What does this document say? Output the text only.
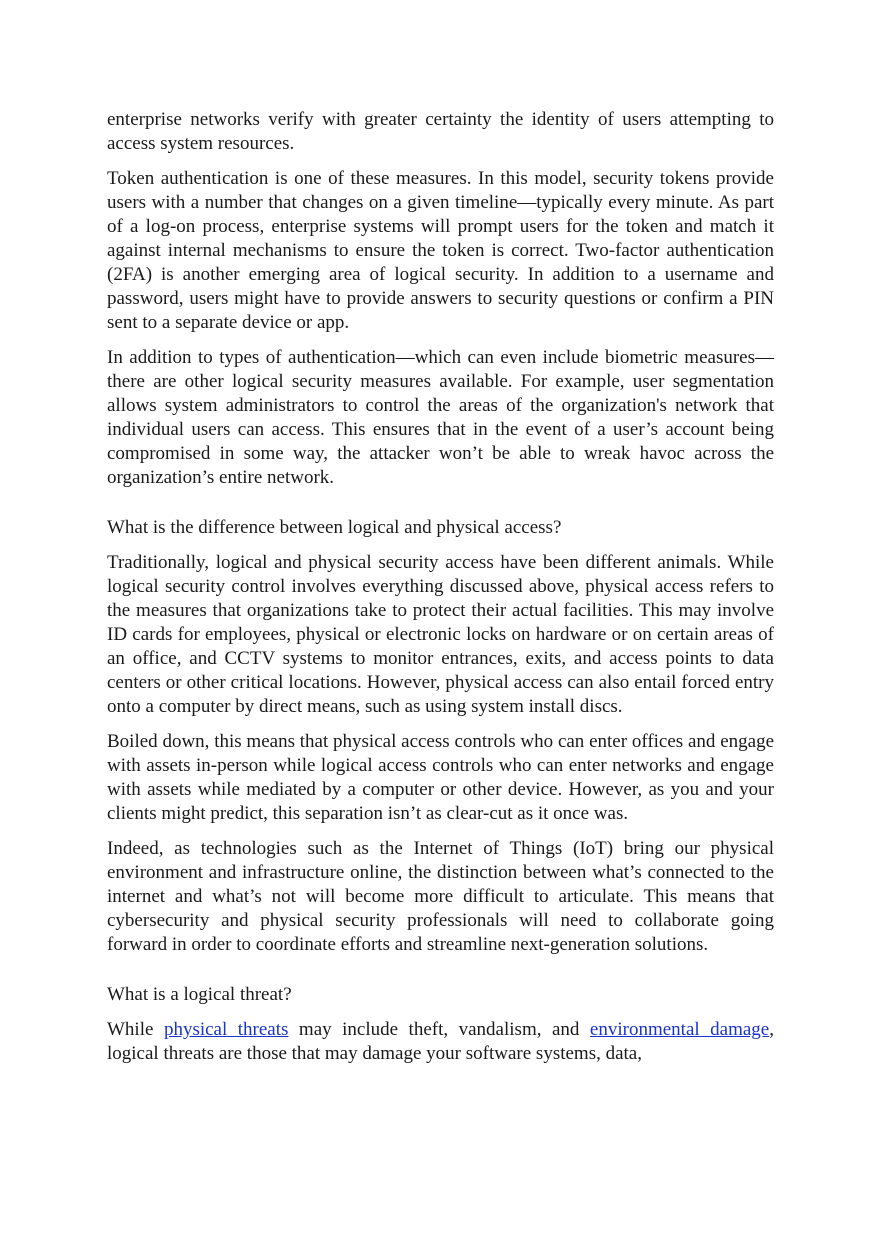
enterprise networks verify with greater certainty the identity of users attempting to access system resources.

Token authentication is one of these measures. In this model, security tokens provide users with a number that changes on a given timeline—typically every minute. As part of a log-on process, enterprise systems will prompt users for the token and match it against internal mechanisms to ensure the token is correct. Two-factor authentication (2FA) is another emerging area of logical security. In addition to a username and password, users might have to provide answers to security questions or confirm a PIN sent to a separate device or app.

In addition to types of authentication—which can even include biometric measures—there are other logical security measures available. For example, user segmentation allows system administrators to control the areas of the organization's network that individual users can access. This ensures that in the event of a user’s account being compromised in some way, the attacker won’t be able to wreak havoc across the organization’s entire network.

What is the difference between logical and physical access?

Traditionally, logical and physical security access have been different animals. While logical security control involves everything discussed above, physical access refers to the measures that organizations take to protect their actual facilities. This may involve ID cards for employees, physical or electronic locks on hardware or on certain areas of an office, and CCTV systems to monitor entrances, exits, and access points to data centers or other critical locations. However, physical access can also entail forced entry onto a computer by direct means, such as using system install discs.

Boiled down, this means that physical access controls who can enter offices and engage with assets in-person while logical access controls who can enter networks and engage with assets while mediated by a computer or other device. However, as you and your clients might predict, this separation isn’t as clear-cut as it once was.

Indeed, as technologies such as the Internet of Things (IoT) bring our physical environment and infrastructure online, the distinction between what’s connected to the internet and what’s not will become more difficult to articulate. This means that cybersecurity and physical security professionals will need to collaborate going forward in order to coordinate efforts and streamline next-generation solutions.

What is a logical threat?

While physical threats may include theft, vandalism, and environmental damage, logical threats are those that may damage your software systems, data,
